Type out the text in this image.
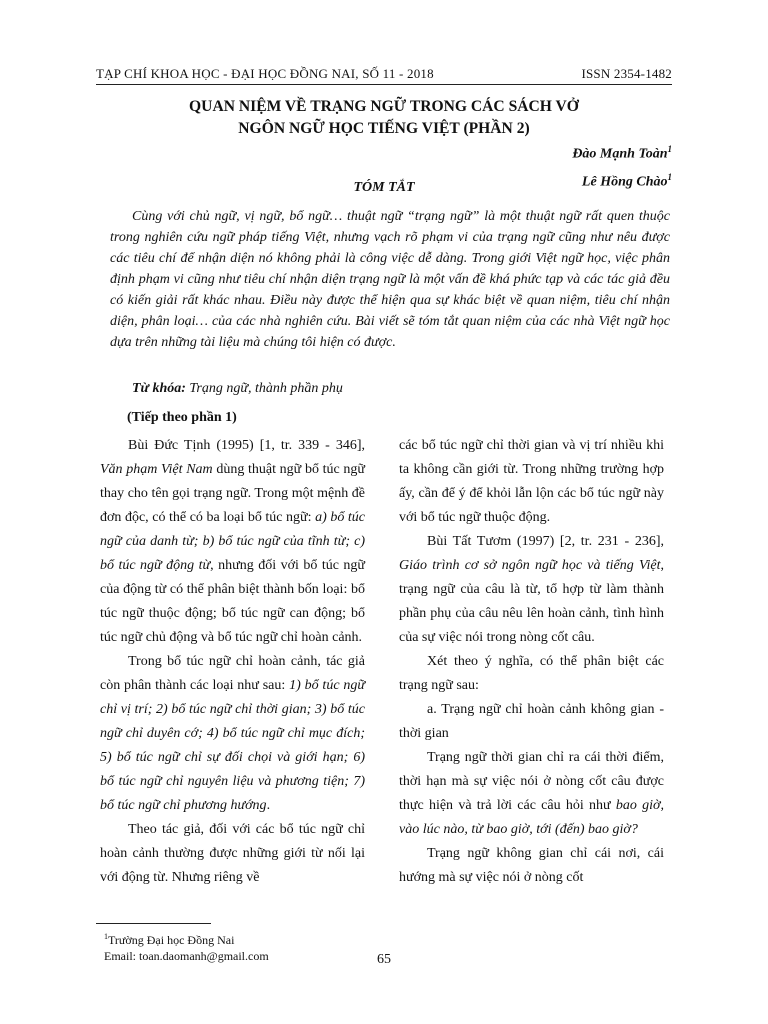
TẠP CHÍ KHOA HỌC - ĐẠI HỌC ĐỒNG NAI, SỐ 11 - 2018	ISSN 2354-1482
QUAN NIỆM VỀ TRẠNG NGỮ TRONG CÁC SÁCH VỞ
NGÔN NGỮ HỌC TIẾNG VIỆT (PHẦN 2)
Đào Mạnh Toàn$^1$
Lê Hồng Chào$^1$
TÓM TẮT

Cùng với chủ ngữ, vị ngữ, bổ ngữ… thuật ngữ “trạng ngữ” là một thuật ngữ rất quen thuộc trong nghiên cứu ngữ pháp tiếng Việt, nhưng vạch rõ phạm vi của trạng ngữ cũng như nêu được các tiêu chí để nhận diện nó không phải là công việc dễ dàng. Trong giới Việt ngữ học, việc phân định phạm vi cũng như tiêu chí nhận diện trạng ngữ là một vấn đề khá phức tạp và các tác giả đều có kiến giải rất khác nhau. Điều này được thể hiện qua sự khác biệt về quan niệm, tiêu chí nhận diện, phân loại… của các nhà nghiên cứu. Bài viết sẽ tóm tắt quan niệm của các nhà Việt ngữ học dựa trên những tài liệu mà chúng tôi hiện có được.

Từ khóa: Trạng ngữ, thành phần phụ
(Tiếp theo phần 1)

Bùi Đức Tịnh (1995) [1, tr. 339 - 346], Văn phạm Việt Nam dùng thuật ngữ bổ túc ngữ thay cho tên gọi trạng ngữ. Trong một mệnh đề đơn độc, có thể có ba loại bổ túc ngữ: a) bổ túc ngữ của danh từ; b) bổ túc ngữ của tĩnh từ; c) bổ túc ngữ động từ, nhưng đối với bổ túc ngữ của động từ có thể phân biệt thành bốn loại: bổ túc ngữ thuộc động; bổ túc ngữ can động; bổ túc ngữ chủ động và bổ túc ngữ chỉ hoàn cảnh.

Trong bổ túc ngữ chỉ hoàn cảnh, tác giả còn phân thành các loại như sau: 1) bổ túc ngữ chỉ vị trí; 2) bổ túc ngữ chỉ thời gian; 3) bổ túc ngữ chỉ duyên cớ; 4) bổ túc ngữ chỉ mục đích; 5) bổ túc ngữ chỉ sự đối chọi và giới hạn; 6) bổ túc ngữ chỉ nguyên liệu và phương tiện; 7) bổ túc ngữ chỉ phương hướng.

Theo tác giả, đối với các bổ túc ngữ chỉ hoàn cảnh thường được những giới từ nối lại với động từ. Nhưng riêng về

các bổ túc ngữ chỉ thời gian và vị trí nhiều khi ta không cần giới từ. Trong những trường hợp ấy, cần để ý để khỏi lẫn lộn các bổ túc ngữ này với bổ túc ngữ thuộc động.

Bùi Tất Tươm (1997) [2, tr. 231 - 236], Giáo trình cơ sở ngôn ngữ học và tiếng Việt, trạng ngữ của câu là từ, tổ hợp từ làm thành phần phụ của câu nêu lên hoàn cảnh, tình hình của sự việc nói trong nòng cốt câu.

Xét theo ý nghĩa, có thể phân biệt các trạng ngữ sau:

a. Trạng ngữ chỉ hoàn cảnh không gian - thời gian

Trạng ngữ thời gian chỉ ra cái thời điểm, thời hạn mà sự việc nói ở nòng cốt câu được thực hiện và trả lời các câu hỏi như bao giờ, vào lúc nào, từ bao giờ, tới (đến) bao giờ?

Trạng ngữ không gian chỉ cái nơi, cái hướng mà sự việc nói ở nòng cốt

$^1$Trường Đại học Đồng Nai
Email: toan.daomanh@gmail.com	65
